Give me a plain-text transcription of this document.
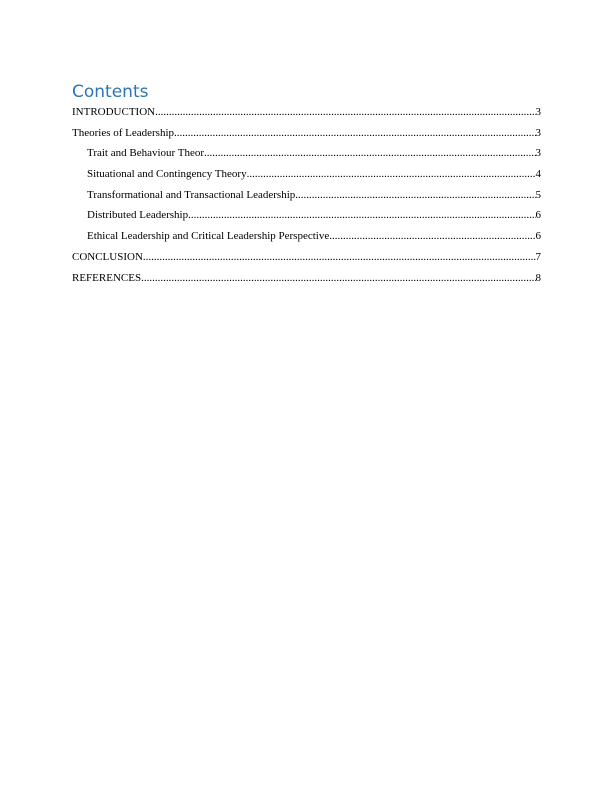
Contents
INTRODUCTION .....	3
Theories of Leadership .....	3
Trait and Behaviour Theor .....	3
Situational and Contingency Theory .....	4
Transformational and Transactional Leadership .....	5
Distributed Leadership .....	6
Ethical Leadership and Critical Leadership Perspective .....	6
CONCLUSION .....	7
REFERENCES .....	8
